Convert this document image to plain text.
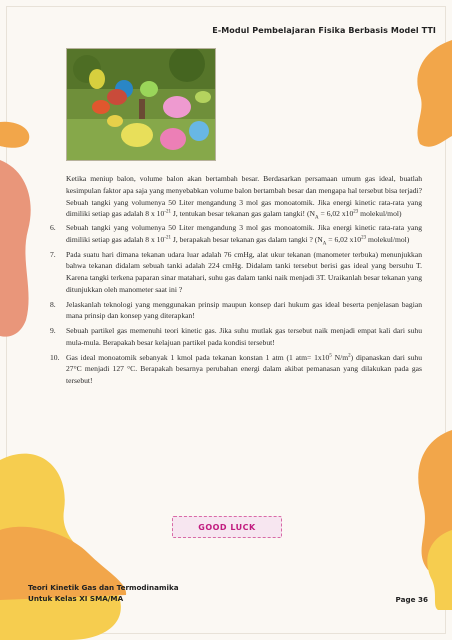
E-Modul Pembelajaran Fisika Berbasis Model TTI

Ketika meniup balon, volume balon akan bertambah besar. Berdasarkan persamaan umum gas ideal, buatlah kesimpulan faktor apa saja yang menyebabkan volume balon bertambah besar dan mengapa hal tersebut bisa terjadi?Sebuah tangki yang volumenya 50 Liter mengandung 3 mol gas monoatomik. Jika energi kinetic rata-rata yang dimiliki setiap gas adalah 8 x $10^{-21}$ J, tentukan besar tekanan gas galam tangki! ($N_A = 6,02$ $x10^{23}$ molekul/mol)

6.	Sebuah tangki yang volumenya 50 Liter mengandung 3 mol gas monoatomik. Jika energi kinetic rata-rata yang dimiliki setiap gas adalah 8 x $10^{-21}$ J, berapakah besar tekanan gas dalam tangki ? ($N_A = 6,02$ $x10^{23}$ molekul/mol)
7.	Pada suatu hari dimana tekanan udara luar adalah 76 cmHg, alat ukur tekanan (manometer terbuka) menunjukkan bahwa tekanan didalam sebuah tanki adalah 224 cmHg. Didalam tanki tersebut berisi gas ideal yang bersuhu T. Karena tangki terkena paparan sinar matahari, suhu gas dalam tanki naik menjadi 3T. Uraikanlah besar tekanan yang ditunjukkan oleh manometer saat ini ?
8.	Jelaskanlah teknologi yang menggunakan prinsip maupun konsep dari hukum gas ideal beserta penjelasan bagian mana prinsip dan konsep yang diterapkan!
9.	Sebuah partikel gas memenuhi teori kinetic gas. Jika suhu mutlak gas tersebut naik menjadi empat kali dari suhu mula-mula. Berapakah besar kelajuan partikel pada kondisi tersebut!
10. Gas ideal monoatomik sebanyak 1 kmol pada tekanan konstan 1 atm (1 $atm= 1x10^5$ $N/m^2$) dipanaskan dari suhu 27°C menjadi 127 °C. Berapakah besarnya perubahan energi dalam akibat pemanasan yang dilakukan pada gas tersebut!
GOOD LUCK
Teori Kinetik Gas dan Termodinamika
Untuk Kelas XI SMA/MA	Page 36
